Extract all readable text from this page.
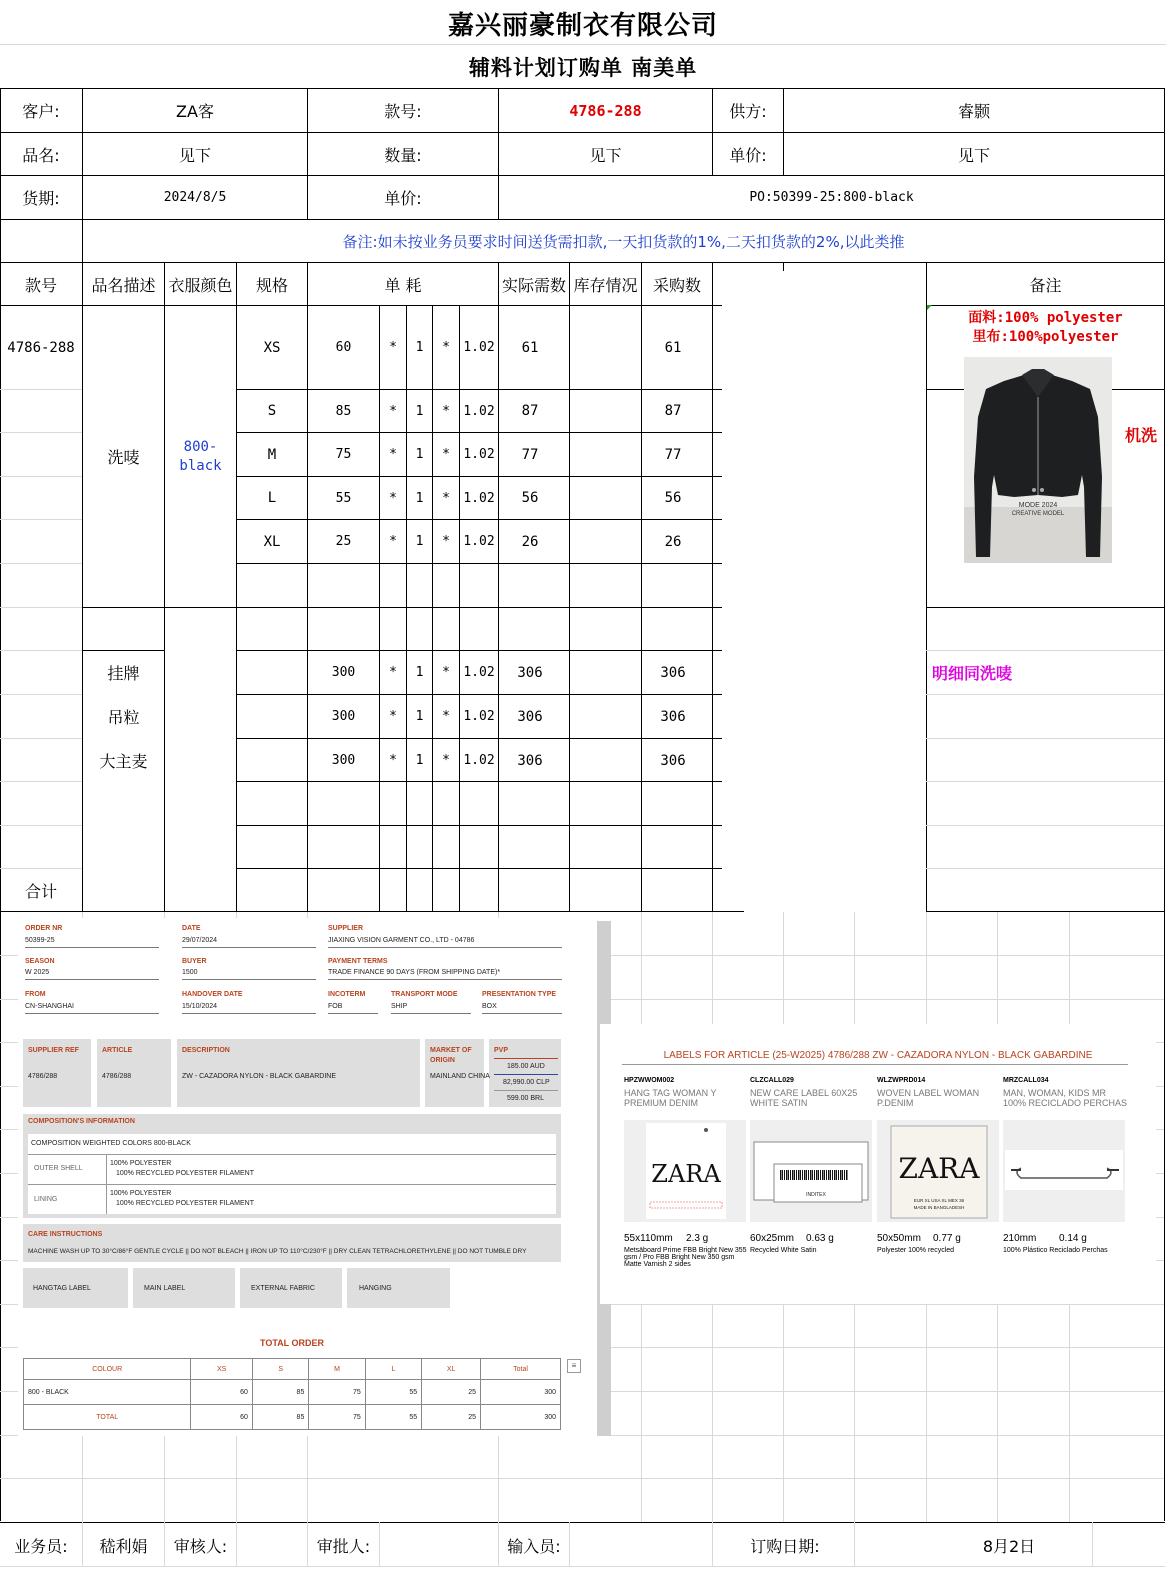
嘉兴丽豪制衣有限公司
辅料计划订购单 南美单
客户:	ZA客	款号:	4786-288	供方:	睿颢
品名:	见下	数量:	见下	单价:	见下
货期:	2024/8/5	单价:	PO:50399-25:800-black
备注:如未按业务员要求时间送货需扣款,一天扣货款的1%,二天扣货款的2%,以此类推
款号	品名描述 衣服颜色	规格	单 耗	实际需数 库存情况 采购数	备注
4786-288
洗唛
800-black
XS	60	*	1	*	1.02	61	61
S	85	*	1	*	1.02	87	87
M	75	*	1	*	1.02	77	77
L	55	*	1	*	1.02	56	56
XL	25	*	1	*	1.02	26	26
挂牌	300	*	1	*	1.02	306	306
吊粒	300	*	1	*	1.02	306	306
大主麦	300	*	1	*	1.02	306	306
合计
面料:100% polyester
里布:100%polyester
MODE 2024
CREATIVE MODEL
机洗
明细同洗唛
ORDER NR
50399-25
DATE
29/07/2024
SUPPLIER
JIAXING VISION GARMENT CO., LTD - 04786
SEASON
W 2025
BUYER
1500
PAYMENT TERMS
TRADE FINANCE 90 DAYS (FROM SHIPPING DATE)*
FROM
CN-SHANGHAI
HANDOVER DATE
15/10/2024
INCOTERM
FOB
TRANSPORT MODE
SHIP
PRESENTATION TYPE
BOX
SUPPLIER REF
4786/288
ARTICLE
4786/288
DESCRIPTION
ZW - CAZADORA NYLON - BLACK GABARDINE
MARKET OF
ORIGIN
MAINLAND CHINA
PVP
185.00 AUD
82,990.00 CLP
599.00 BRL
COMPOSITION'S INFORMATION
COMPOSITION WEIGHTED COLORS 800-BLACK
OUTER SHELL
100% POLYESTER
100% RECYCLED POLYESTER FILAMENT
LINING
100% POLYESTER
100% RECYCLED POLYESTER FILAMENT
CARE INSTRUCTIONS
MACHINE WASH UP TO 30°C/86°F GENTLE CYCLE || DO NOT BLEACH || IRON UP TO 110°C/230°F || DRY CLEAN TETRACHLORETHYLENE || DO NOT TUMBLE DRY
HANGTAG LABEL	MAIN LABEL	EXTERNAL FABRIC	HANGING
TOTAL ORDER
≡
COLOUR	XS	S	M	L	XL	Total
800 - BLACK	60	85	75	55	25	300
TOTAL	60	85	75	55	25	300
LABELS FOR ARTICLE (25-W2025) 4786/288 ZW - CAZADORA NYLON - BLACK GABARDINE
HPZWWOM002
HANG TAG WOMAN Y
PREMIUM DENIM
ZARA
55x110mm 2.3 g
Metsäboard Prime FBB Bright New 355
gsm / Pro FBB Bright New 350 gsm
Matte Varnish 2 sides
CLZCALL029
NEW CARE LABEL 60X25
WHITE SATIN
INDITEX
60x25mm 0.63 g
Recycled White Satin
WLZWPRD014
WOVEN LABEL WOMAN
P.DENIM
ZARA
EUR XL USA XL MEX 36
MADE IN BANGLADESH
50x50mm 0.77 g
Polyester 100% recycled
MRZCALL034
MAN, WOMAN, KIDS MR
100% RECICLADO PERCHAS
210mm 0.14 g
100% Plástico Reciclado Perchas
业务员:	嵇利娟	审核人:	审批人:	输入员:	订购日期:	8月2日
